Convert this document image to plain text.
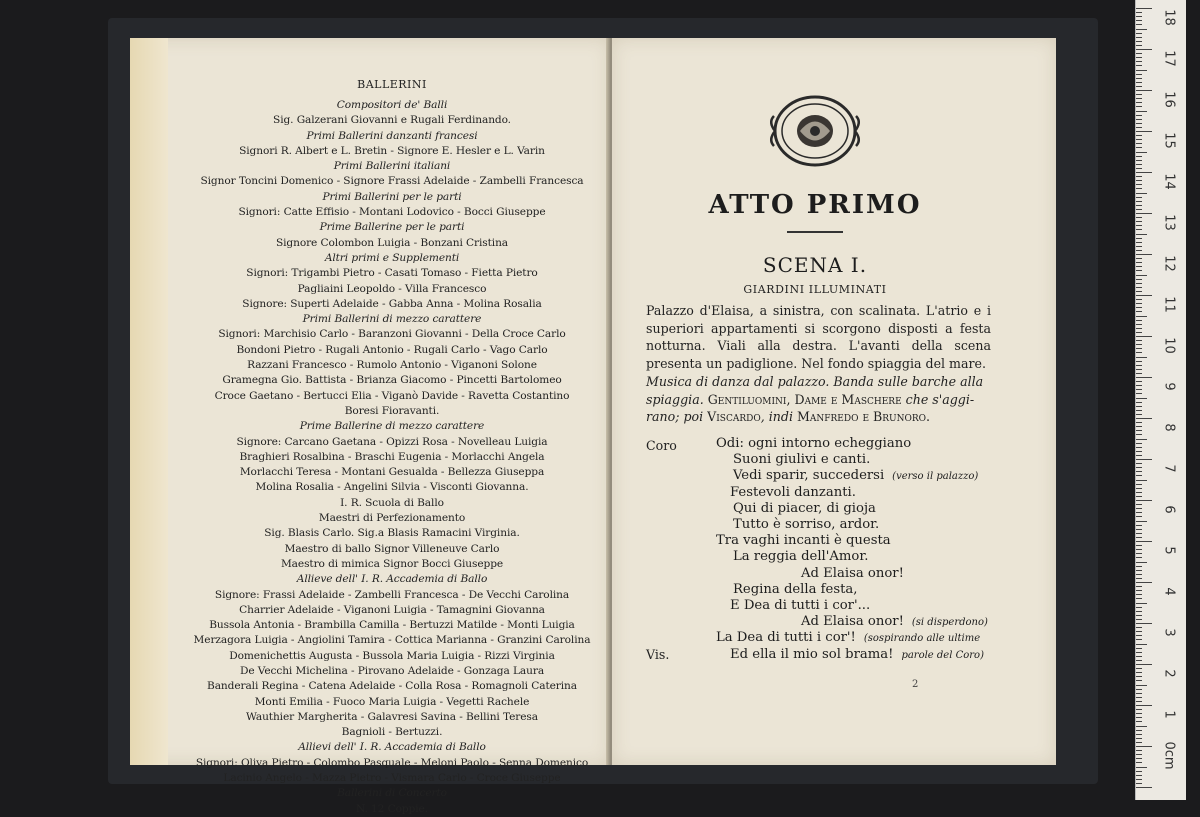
18
17
16
15
14
13
12
11
10
9
8
7
6
5
4
3
2
1
0cm
BALLERINI
Compositori de' Balli
Sig. Galzerani Giovanni e Rugali Ferdinando.
Primi Ballerini danzanti francesi
Signori R. Albert e L. Bretin - Signore E. Hesler e L. Varin
Primi Ballerini italiani
Signor Toncini Domenico - Signore Frassi Adelaide - Zambelli Francesca
Primi Ballerini per le parti
Signori: Catte Effisio - Montani Lodovico - Bocci Giuseppe
Prime Ballerine per le parti
Signore Colombon Luigia - Bonzani Cristina
Altri primi e Supplementi
Signori: Trigambi Pietro - Casati Tomaso - Fietta Pietro
Pagliaini Leopoldo - Villa Francesco
Signore: Superti Adelaide - Gabba Anna - Molina Rosalia
Primi Ballerini di mezzo carattere
Signori: Marchisio Carlo - Baranzoni Giovanni - Della Croce Carlo
Bondoni Pietro - Rugali Antonio - Rugali Carlo - Vago Carlo
Razzani Francesco - Rumolo Antonio - Viganoni Solone
Gramegna Gio. Battista - Brianza Giacomo - Pincetti Bartolomeo
Croce Gaetano - Bertucci Elia - Viganò Davide - Ravetta Costantino
Boresi Fioravanti.
Prime Ballerine di mezzo carattere
Signore: Carcano Gaetana - Opizzi Rosa - Novelleau Luigia
Braghieri Rosalbina - Braschi Eugenia - Morlacchi Angela
Morlacchi Teresa - Montani Gesualda - Bellezza Giuseppa
Molina Rosalia - Angelini Silvia - Visconti Giovanna.
I. R. Scuola di Ballo
Maestri di Perfezionamento
Sig. Blasis Carlo. Sig.a Blasis Ramacini Virginia.
Maestro di ballo Signor Villeneuve Carlo
Maestro di mimica Signor Bocci Giuseppe
Allieve dell' I. R. Accademia di Ballo
Signore: Frassi Adelaide - Zambelli Francesca - De Vecchi Carolina
Charrier Adelaide - Viganoni Luigia - Tamagnini Giovanna
Bussola Antonia - Brambilla Camilla - Bertuzzi Matilde - Monti Luigia
Merzagora Luigia - Angiolini Tamira - Cottica Marianna - Granzini Carolina
Domenichettis Augusta - Bussola Maria Luigia - Rizzi Virginia
De Vecchi Michelina - Pirovano Adelaide - Gonzaga Laura
Banderali Regina - Catena Adelaide - Colla Rosa - Romagnoli Caterina
Monti Emilia - Fuoco Maria Luigia - Vegetti Rachele
Wauthier Margherita - Galavresi Savina - Bellini Teresa
Bagnioli - Bertuzzi.
Allievi dell' I. R. Accademia di Ballo
Signori: Oliva Pietro - Colombo Pasquale - Meloni Paolo - Senna Domenico
Lacinio Angelo - Mazza Pietro - Vismara Carlo - Croce Giuseppe
Ballerini di Concerto
N. 12 Coppie.
ATTO PRIMO
SCENA I.
GIARDINI ILLUMINATI
Palazzo d'Elaisa, a sinistra, con scalinata. L'atrio e i superiori appartamenti si scorgono disposti a festa notturna. Viali alla destra. L'avanti della scena presenta un padiglione. Nel fondo spiaggia del mare.
Musica di danza dal palazzo. Banda sulle barche alla spiaggia. Gentiluomini, Dame e Maschere che s'aggi- rano; poi Viscardo, indi Manfredo e Brunoro.
Coro
Vis.
Odi: ogni intorno echeggiano
Suoni giulivi e canti.
Vedi sparir, succedersi (verso il palazzo)
Festevoli danzanti.
Qui di piacer, di gioja
Tutto è sorriso, ardor.
Tra vaghi incanti è questa
La reggia dell'Amor.
Ad Elaisa onor!
Regina della festa,
E Dea di tutti i cor'...
Ad Elaisa onor! (si disperdono)
La Dea di tutti i cor'! (sospirando alle ultime
Ed ella il mio sol brama! parole del Coro)
2
